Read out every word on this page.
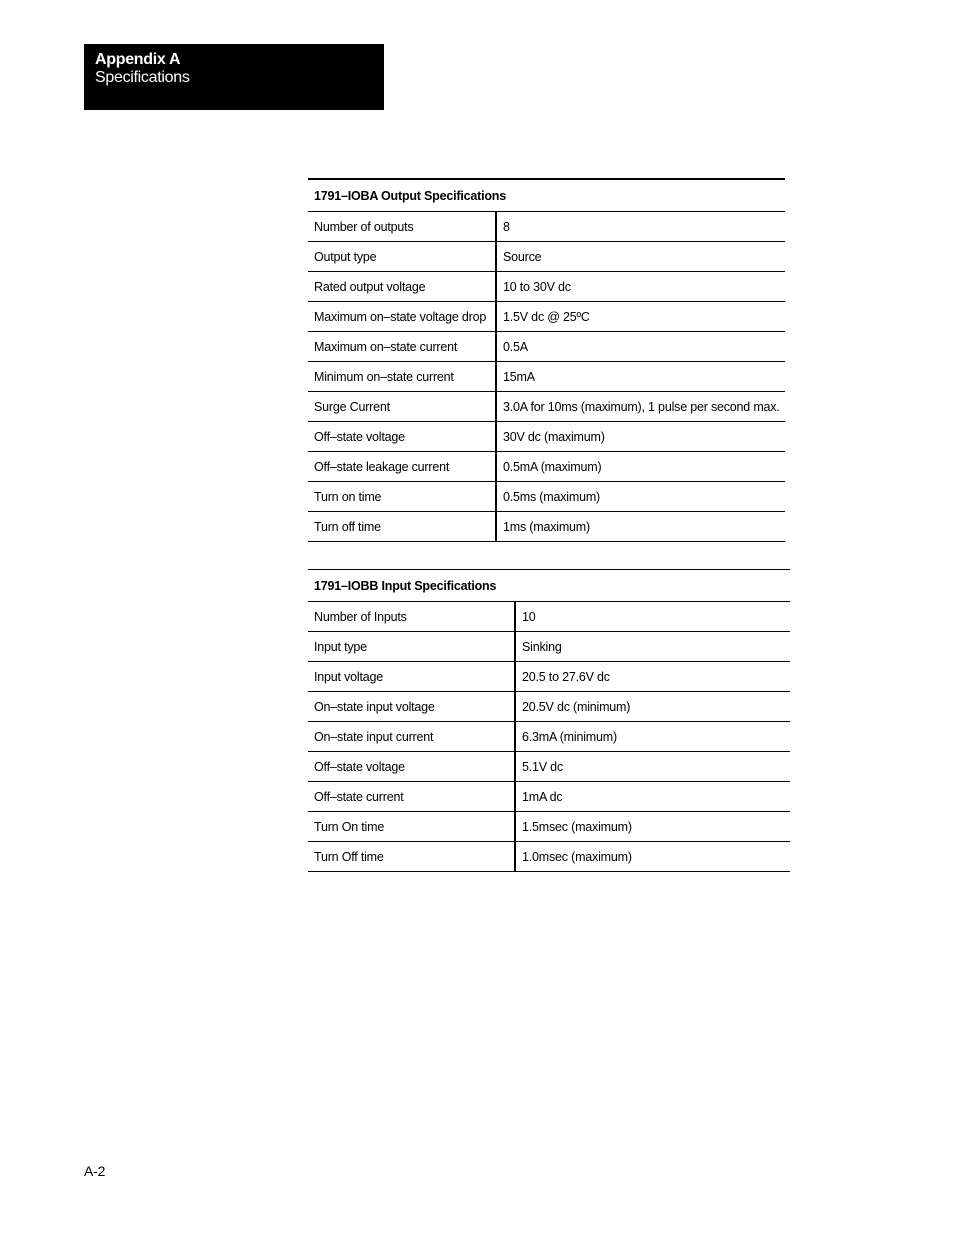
Appendix A
Specifications
1791–IOBA Output Specifications	
Number of outputs	8
Output type	Source
Rated output voltage	10 to 30V dc
Maximum on–state voltage drop	1.5V dc @ 25ºC
Maximum on–state current	0.5A
Minimum on–state current	15mA
Surge Current	3.0A for 10ms (maximum), 1 pulse per second max.
Off–state voltage	30V dc (maximum)
Off–state leakage current	0.5mA (maximum)
Turn on time	0.5ms (maximum)
Turn off time	1ms (maximum)
1791–IOBB Input Specifications	
Number of Inputs	10
Input type	Sinking
Input voltage	20.5 to 27.6V dc
On–state input voltage	20.5V dc (minimum)
On–state input current	6.3mA (minimum)
Off–state voltage	5.1V dc
Off–state current	1mA dc
Turn On time	1.5msec (maximum)
Turn Off time	1.0msec (maximum)
A-2
